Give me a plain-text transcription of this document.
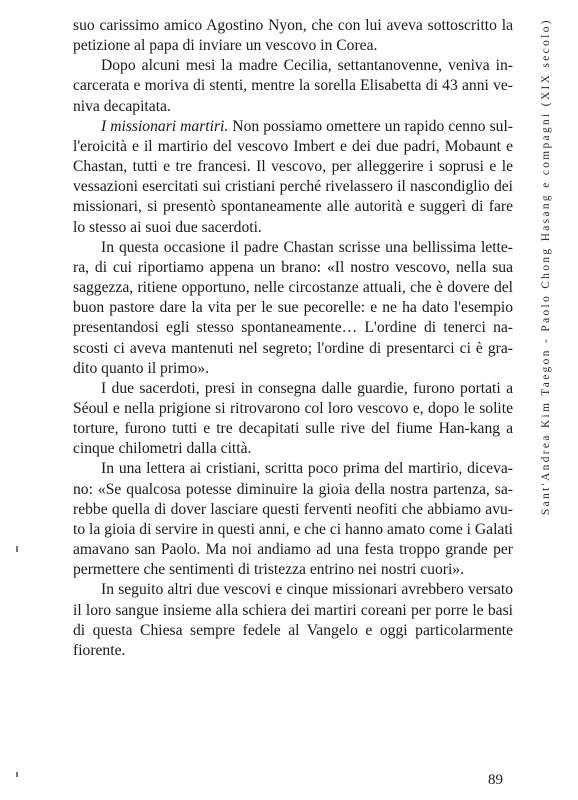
suo carissimo amico Agostino Nyon, che con lui aveva sottoscritto la petizione al papa di inviare un vescovo in Corea.

Dopo alcuni mesi la madre Cecilia, settantanovenne, veniva incarcerata e moriva di stenti, mentre la sorella Elisabetta di 43 anni veniva decapitata.

I missionari martiri. Non possiamo omettere un rapido cenno sull'eroicità e il martirio del vescovo Imbert e dei due padri, Mobaunt e Chastan, tutti e tre francesi. Il vescovo, per alleggerire i soprusi e le vessazioni esercitati sui cristiani perché rivelassero il nascondiglio dei missionari, si presentò spontaneamente alle autorità e suggerì di fare lo stesso ai suoi due sacerdoti.

In questa occasione il padre Chastan scrisse una bellissima lettera, di cui riportiamo appena un brano: «Il nostro vescovo, nella sua saggezza, ritiene opportuno, nelle circostanze attuali, che è dovere del buon pastore dare la vita per le sue pecorelle: e ne ha dato l'esempio presentandosi egli stesso spontaneamente… L'ordine di tenerci nascosti ci aveva mantenuti nel segreto; l'ordine di presentarci ci è gradito quanto il primo».

I due sacerdoti, presi in consegna dalle guardie, furono portati a Séoul e nella prigione si ritrovarono col loro vescovo e, dopo le solite torture, furono tutti e tre decapitati sulle rive del fiume Han-kang a cinque chilometri dalla città.

In una lettera ai cristiani, scritta poco prima del martirio, dicevano: «Se qualcosa potesse diminuire la gioia della nostra partenza, sarebbe quella di dover lasciare questi ferventi neofiti che abbiamo avuto la gioia di servire in questi anni, e che ci hanno amato come i Galati amavano san Paolo. Ma noi andiamo ad una festa troppo grande per permettere che sentimenti di tristezza entrino nei nostri cuori».

In seguito altri due vescovi e cinque missionari avrebbero versato il loro sangue insieme alla schiera dei martiri coreani per porre le basi di questa Chiesa sempre fedele al Vangelo e oggi particolarmente fiorente.

Sant'Andrea Kim Taegon - Paolo Chong Hasang e compagni (XIX secolo)
89
